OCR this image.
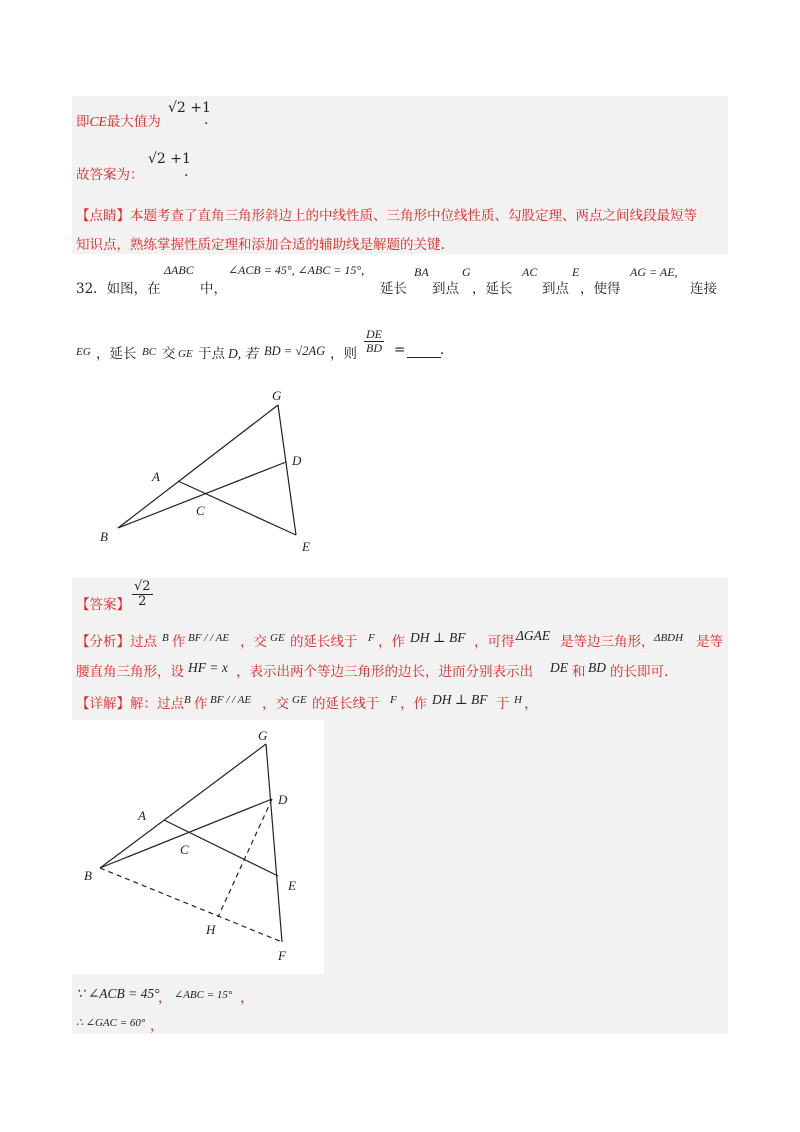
即CE最大值为
√2 +1
.
故答案为：
√2 +1
.
【点睛】本题考查了直角三角形斜边上的中线性质、三角形中位线性质、勾股定理、两点之间线段最短等
知识点，熟练掌握性质定理和添加合适的辅助线是解题的关键.
32．如图，在
ΔABC
中，
∠ACB = 45°, ∠ABC = 15°,
延长
BA
到点
G
，延长
AC
到点
E
，使得
AG = AE,
连接
EG ，延长 BC 交 GE 于点 D, 若 BD = √2AG ，则 $\frac{DE}{BD}$ =	.
G
D
A
C
B
E
【答案】 $\frac{√2}{2}$
【分析】 过点 B 作 BF / / AE ，交 GE 的延长线于 F ，作 DH ⊥ BF ，可得 ΔGAE 是等边三角形， ΔBDH 是等
腰直角三角形，设 HF = x ，表示出两个等边三角形的边长，进而分别表示出 DE 和 BD 的长即可.
【详解】 解：过点 B 作 BF / / AE ，交 GE 的延长线于 F ，作 DH ⊥ BF 于 H ，
G
D
A
C
B
E
H
F
∵ ∠ACB = 45°
， ∠ABC = 15° ，
∴ ∠GAC = 60° ，
